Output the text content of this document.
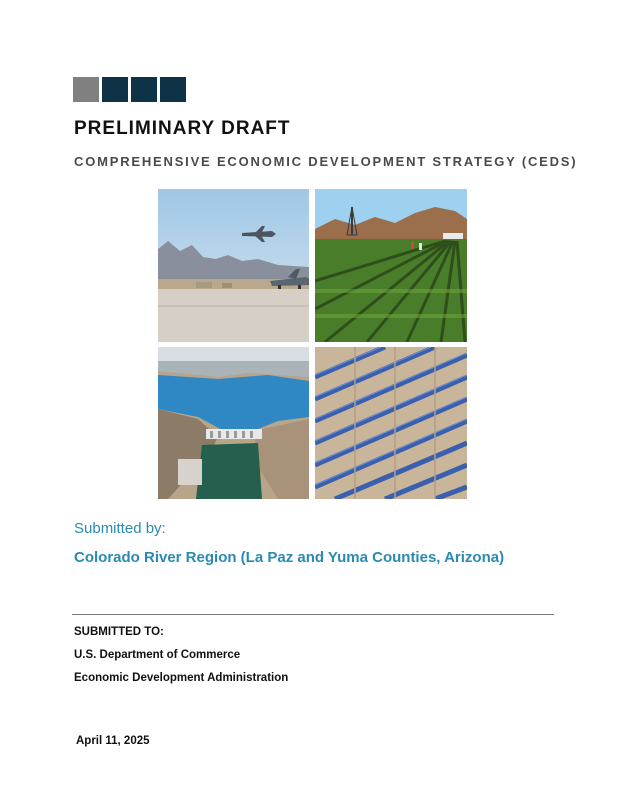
PRELIMINARY DRAFT
COMPREHENSIVE ECONOMIC DEVELOPMENT STRATEGY (CEDS)
Submitted by:
Colorado River Region (La Paz and Yuma Counties, Arizona)
SUBMITTED TO:
U.S. Department of Commerce
Economic Development Administration
April 11, 2025
